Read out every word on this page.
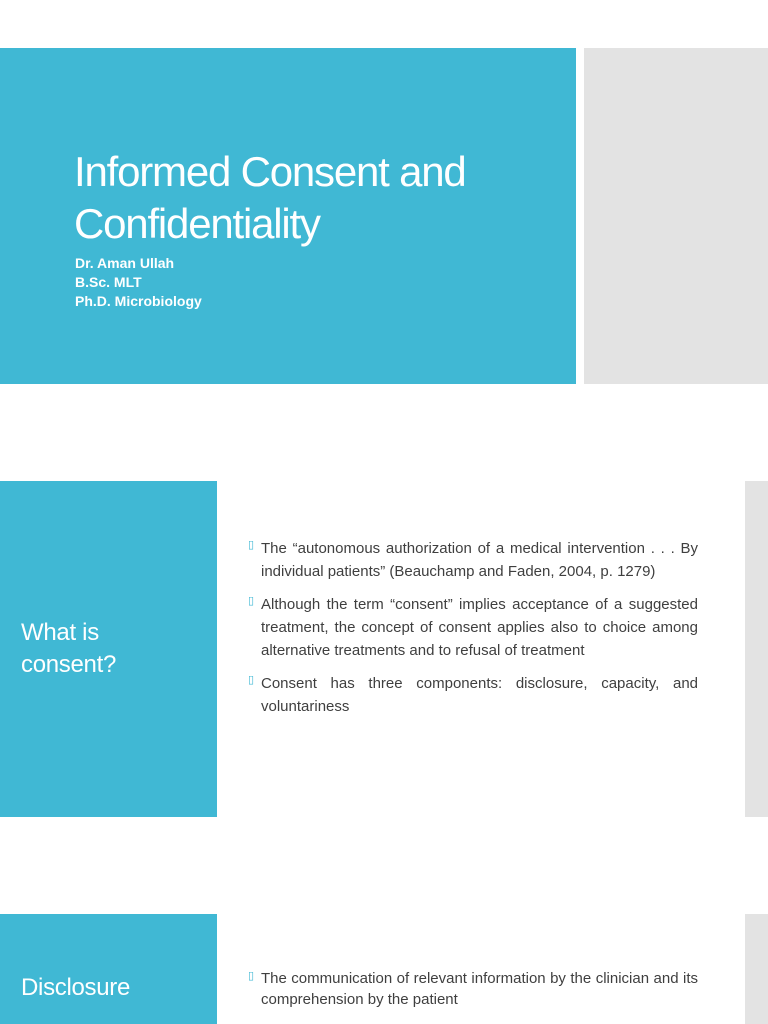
Informed Consent and Confidentiality
Dr. Aman Ullah
B.Sc. MLT
Ph.D. Microbiology
What is consent?
▯ The “autonomous authorization of a medical intervention . . . By individual patients” (Beauchamp and Faden, 2004, p. 1279)
▯ Although the term “consent” implies acceptance of a suggested treatment, the concept of consent applies also to choice among alternative treatments and to refusal of treatment
▯ Consent has three components: disclosure, capacity, and voluntariness
Disclosure	▯ The communication of relevant information by the clinician and its comprehension by the patient
